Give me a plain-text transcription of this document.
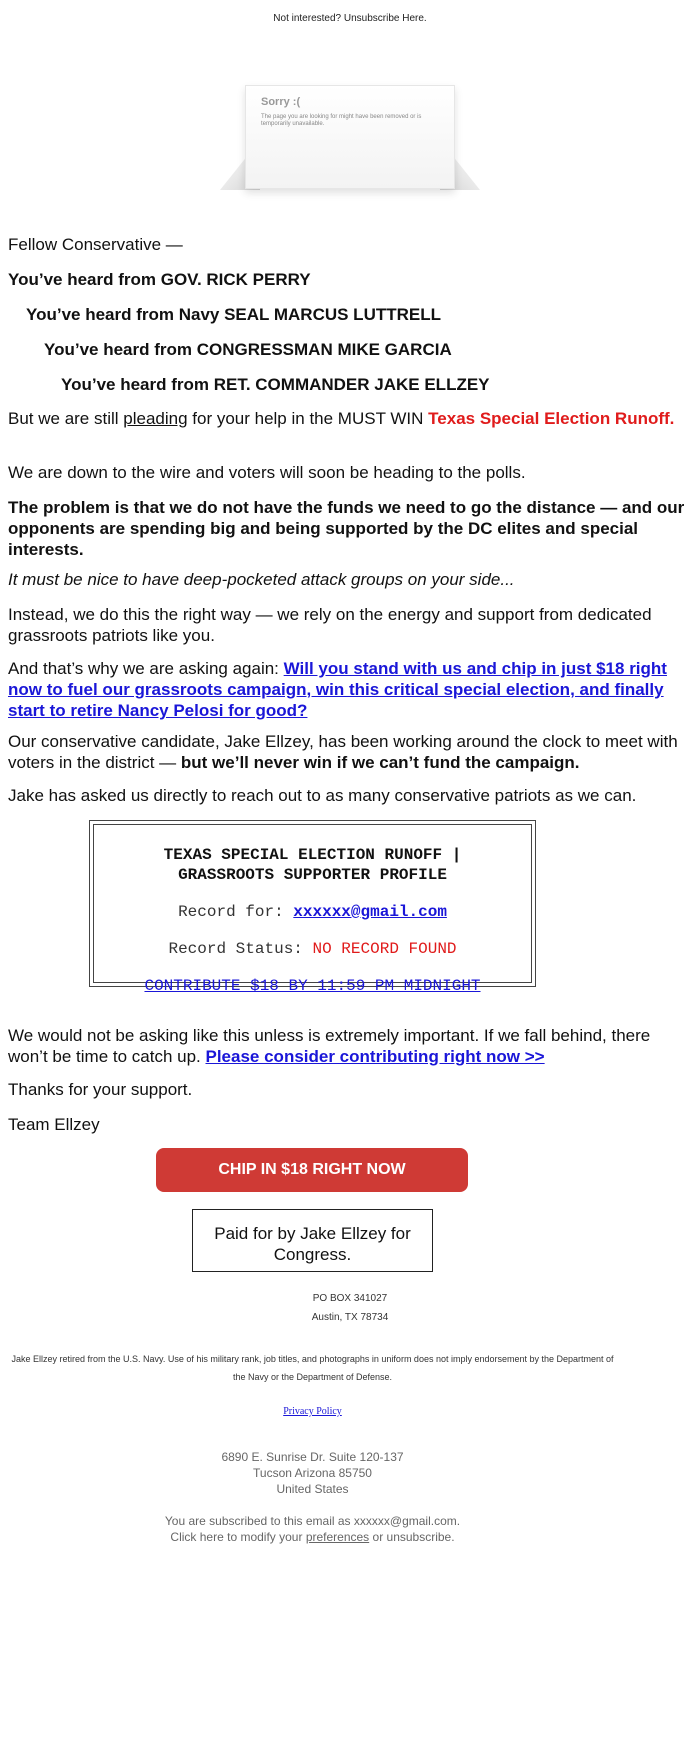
Not interested? Unsubscribe Here.
Sorry :(
The page you are looking for might have been removed or is temporarily unavailable.
Fellow Conservative —
You’ve heard from GOV. RICK PERRY
You’ve heard from Navy SEAL MARCUS LUTTRELL
You’ve heard from CONGRESSMAN MIKE GARCIA
You’ve heard from RET. COMMANDER JAKE ELLZEY
But we are still pleading for your help in the MUST WIN Texas Special Election Runoff.
We are down to the wire and voters will soon be heading to the polls.
The problem is that we do not have the funds we need to go the distance — and our opponents are spending big and being supported by the DC elites and special interests.
It must be nice to have deep-pocketed attack groups on your side...
Instead, we do this the right way — we rely on the energy and support from dedicated grassroots patriots like you.
And that’s why we are asking again: Will you stand with us and chip in just $18 right now to fuel our grassroots campaign, win this critical special election, and finally start to retire Nancy Pelosi for good?
Our conservative candidate, Jake Ellzey, has been working around the clock to meet with voters in the district — but we’ll never win if we can’t fund the campaign.
Jake has asked us directly to reach out to as many conservative patriots as we can.
TEXAS SPECIAL ELECTION RUNOFF | GRASSROOTS SUPPORTER PROFILE
Record for: xxxxxx@gmail.com
Record Status: NO RECORD FOUND
CONTRIBUTE $18 BY 11:59 PM MIDNIGHT
We would not be asking like this unless is extremely important. If we fall behind, there won’t be time to catch up. Please consider contributing right now >>
Thanks for your support.
Team Ellzey
CHIP IN $18 RIGHT NOW
Paid for by Jake Ellzey for Congress.
PO BOX 341027
Austin, TX 78734
Jake Ellzey retired from the U.S. Navy. Use of his military rank, job titles, and photographs in uniform does not imply endorsement by the Department of the Navy or the Department of Defense.
Privacy Policy
6890 E. Sunrise Dr. Suite 120-137
Tucson Arizona 85750
United States
You are subscribed to this email as xxxxxx@gmail.com.
Click here to modify your preferences or unsubscribe.
